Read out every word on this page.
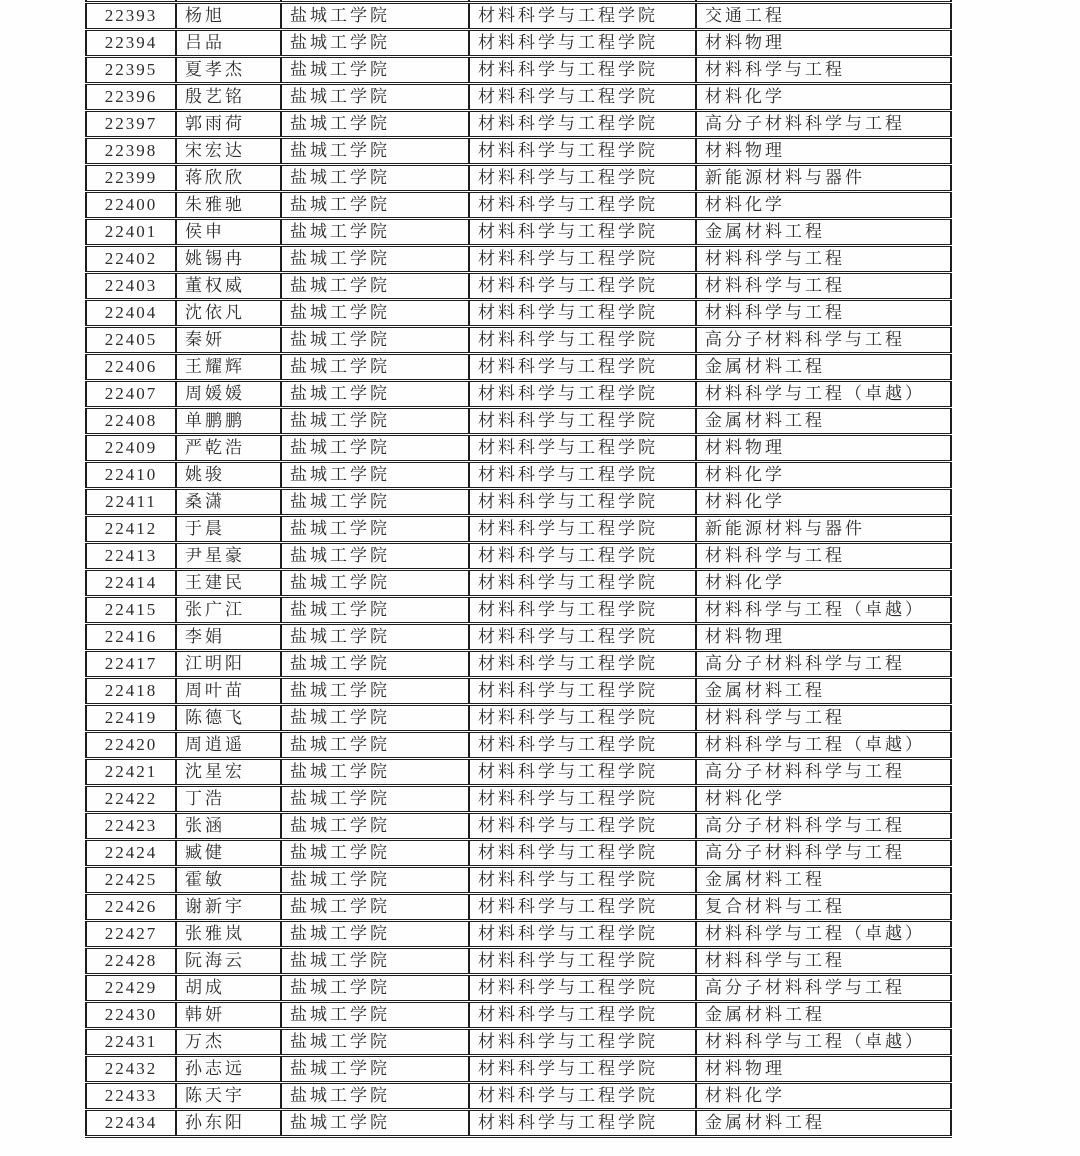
22393	杨旭	盐城工学院	材料科学与工程学院	交通工程
22394	吕品	盐城工学院	材料科学与工程学院	材料物理
22395	夏孝杰	盐城工学院	材料科学与工程学院	材料科学与工程
22396	殷艺铭	盐城工学院	材料科学与工程学院	材料化学
22397	郭雨荷	盐城工学院	材料科学与工程学院	高分子材料科学与工程
22398	宋宏达	盐城工学院	材料科学与工程学院	材料物理
22399	蒋欣欣	盐城工学院	材料科学与工程学院	新能源材料与器件
22400	朱雅驰	盐城工学院	材料科学与工程学院	材料化学
22401	侯申	盐城工学院	材料科学与工程学院	金属材料工程
22402	姚锡冉	盐城工学院	材料科学与工程学院	材料科学与工程
22403	董权威	盐城工学院	材料科学与工程学院	材料科学与工程
22404	沈依凡	盐城工学院	材料科学与工程学院	材料科学与工程
22405	秦妍	盐城工学院	材料科学与工程学院	高分子材料科学与工程
22406	王耀辉	盐城工学院	材料科学与工程学院	金属材料工程
22407	周媛媛	盐城工学院	材料科学与工程学院	材料科学与工程（卓越）
22408	单鹏鹏	盐城工学院	材料科学与工程学院	金属材料工程
22409	严乾浩	盐城工学院	材料科学与工程学院	材料物理
22410	姚骏	盐城工学院	材料科学与工程学院	材料化学
22411	桑潇	盐城工学院	材料科学与工程学院	材料化学
22412	于晨	盐城工学院	材料科学与工程学院	新能源材料与器件
22413	尹星豪	盐城工学院	材料科学与工程学院	材料科学与工程
22414	王建民	盐城工学院	材料科学与工程学院	材料化学
22415	张广江	盐城工学院	材料科学与工程学院	材料科学与工程（卓越）
22416	李娟	盐城工学院	材料科学与工程学院	材料物理
22417	江明阳	盐城工学院	材料科学与工程学院	高分子材料科学与工程
22418	周叶苗	盐城工学院	材料科学与工程学院	金属材料工程
22419	陈德飞	盐城工学院	材料科学与工程学院	材料科学与工程
22420	周逍遥	盐城工学院	材料科学与工程学院	材料科学与工程（卓越）
22421	沈星宏	盐城工学院	材料科学与工程学院	高分子材料科学与工程
22422	丁浩	盐城工学院	材料科学与工程学院	材料化学
22423	张涵	盐城工学院	材料科学与工程学院	高分子材料科学与工程
22424	臧健	盐城工学院	材料科学与工程学院	高分子材料科学与工程
22425	霍敏	盐城工学院	材料科学与工程学院	金属材料工程
22426	谢新宇	盐城工学院	材料科学与工程学院	复合材料与工程
22427	张雅岚	盐城工学院	材料科学与工程学院	材料科学与工程（卓越）
22428	阮海云	盐城工学院	材料科学与工程学院	材料科学与工程
22429	胡成	盐城工学院	材料科学与工程学院	高分子材料科学与工程
22430	韩妍	盐城工学院	材料科学与工程学院	金属材料工程
22431	万杰	盐城工学院	材料科学与工程学院	材料科学与工程（卓越）
22432	孙志远	盐城工学院	材料科学与工程学院	材料物理
22433	陈天宇	盐城工学院	材料科学与工程学院	材料化学
22434	孙东阳	盐城工学院	材料科学与工程学院	金属材料工程
